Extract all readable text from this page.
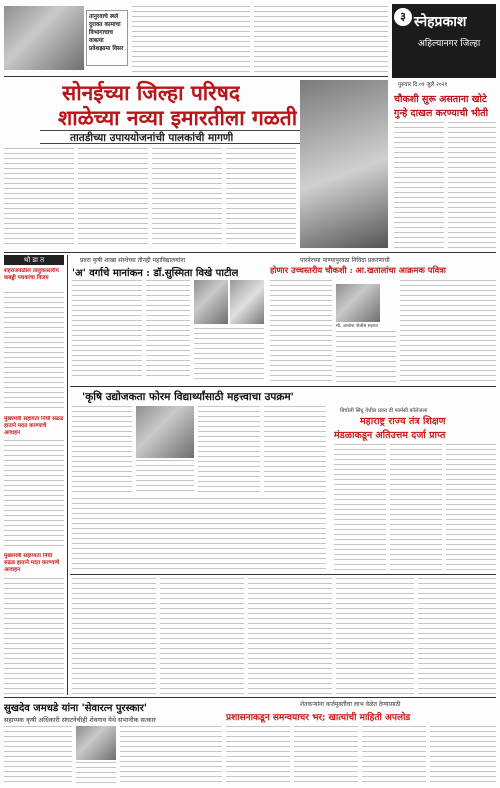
तानुरवाचे स्थ्ले दुरावत कामाचा विभागाचाच वाबत्या प्रवेशझामा विसर
३ स्नेहप्रकाश
अहिल्यानगर जिल्हा
गुरुवार दि.०१ जुलै २०२१
सोनईच्या जिल्हा परिषद
शाळेच्या नव्या इमारतीला गळती
तातडीच्या उपाययोजनांची पालकांची मागणी
चौकशी सुरू असताना खोटे
गुन्हे दाखल करण्याची भीती
थो डा त
शहराजवळील तालुकास्तरीय कबड्डी पथकांचा विजय
मुख्यमंत्री सहायता निधी सढळ हाताने मदत करण्याचे आवाहन
मुख्यमंत्री सहाय्यता निधी सढळ हाताने मदत करण्याचे आवाहन
प्रवरा कृषी शाखा संस्थेच्या तीनही महाविद्यालयांना
'अ' वर्गाचे मानांकन : डॉ.सुस्मिता विखे पाटील
पारनेरच्या पाण्यापुरवठा निविदा प्रकरणाची
होणार उच्चस्तरीय चौकशी : आ.खतालांचा आक्रमक पवित्रा
सौ. आशोक पोलीस सहाय्य
'कृषि उद्योजकता फोरम विद्यार्थ्यांसाठी महत्त्वाचा उपक्रम'
बिचोली सिंधु येथील प्रवरा डी फार्मसी कॉलेजला
महाराष्ट्र राज्य तंत्र शिक्षण
मंडळाकडून अतिउत्तम दर्जा प्राप्त
सुखदेव जमधडे यांना 'सेवारत्न पुरस्कार'
सहाय्यक कृषी अधिकारी संघटनेचीही शेवगाव येथे सभानीक सत्कार
शेतकऱ्यांना कर्जमुक्तीचा लाभ वेळेत देण्यासाठी
प्रशासनाकडून समन्वयाचर भर; खात्यांची माहिती अपलोड
